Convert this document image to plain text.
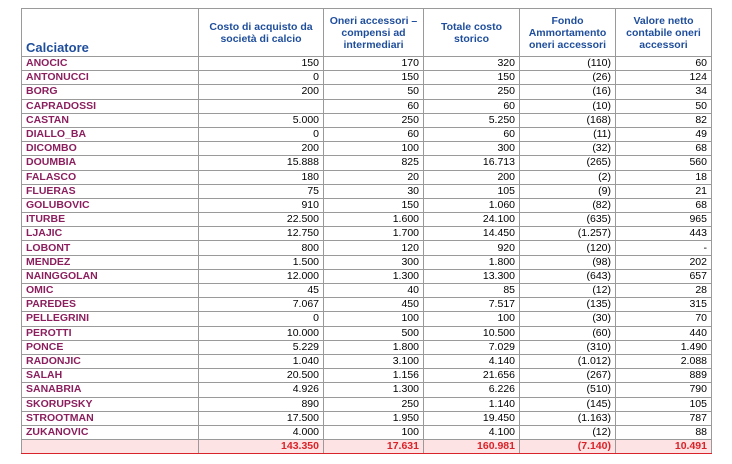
Calciatore	Costo di acquisto da società di calcio	Oneri accessori – compensi ad intermediari	Totale costo storico	Fondo Ammortamento oneri accessori	Valore netto contabile oneri accessori
ANOCIC	150	170	320	(110)	60
ANTONUCCI	0	150	150	(26)	124
BORG	200	50	250	(16)	34
CAPRADOSSI		60	60	(10)	50
CASTAN	5.000	250	5.250	(168)	82
DIALLO_BA	0	60	60	(11)	49
DICOMBO	200	100	300	(32)	68
DOUMBIA	15.888	825	16.713	(265)	560
FALASCO	180	20	200	(2)	18
FLUERAS	75	30	105	(9)	21
GOLUBOVIC	910	150	1.060	(82)	68
ITURBE	22.500	1.600	24.100	(635)	965
LJAJIC	12.750	1.700	14.450	(1.257)	443
LOBONT	800	120	920	(120)	-
MENDEZ	1.500	300	1.800	(98)	202
NAINGGOLAN	12.000	1.300	13.300	(643)	657
OMIC	45	40	85	(12)	28
PAREDES	7.067	450	7.517	(135)	315
PELLEGRINI	0	100	100	(30)	70
PEROTTI	10.000	500	10.500	(60)	440
PONCE	5.229	1.800	7.029	(310)	1.490
RADONJIC	1.040	3.100	4.140	(1.012)	2.088
SALAH	20.500	1.156	21.656	(267)	889
SANABRIA	4.926	1.300	6.226	(510)	790
SKORUPSKY	890	250	1.140	(145)	105
STROOTMAN	17.500	1.950	19.450	(1.163)	787
ZUKANOVIC	4.000	100	4.100	(12)	88
	143.350	17.631	160.981	(7.140)	10.491
